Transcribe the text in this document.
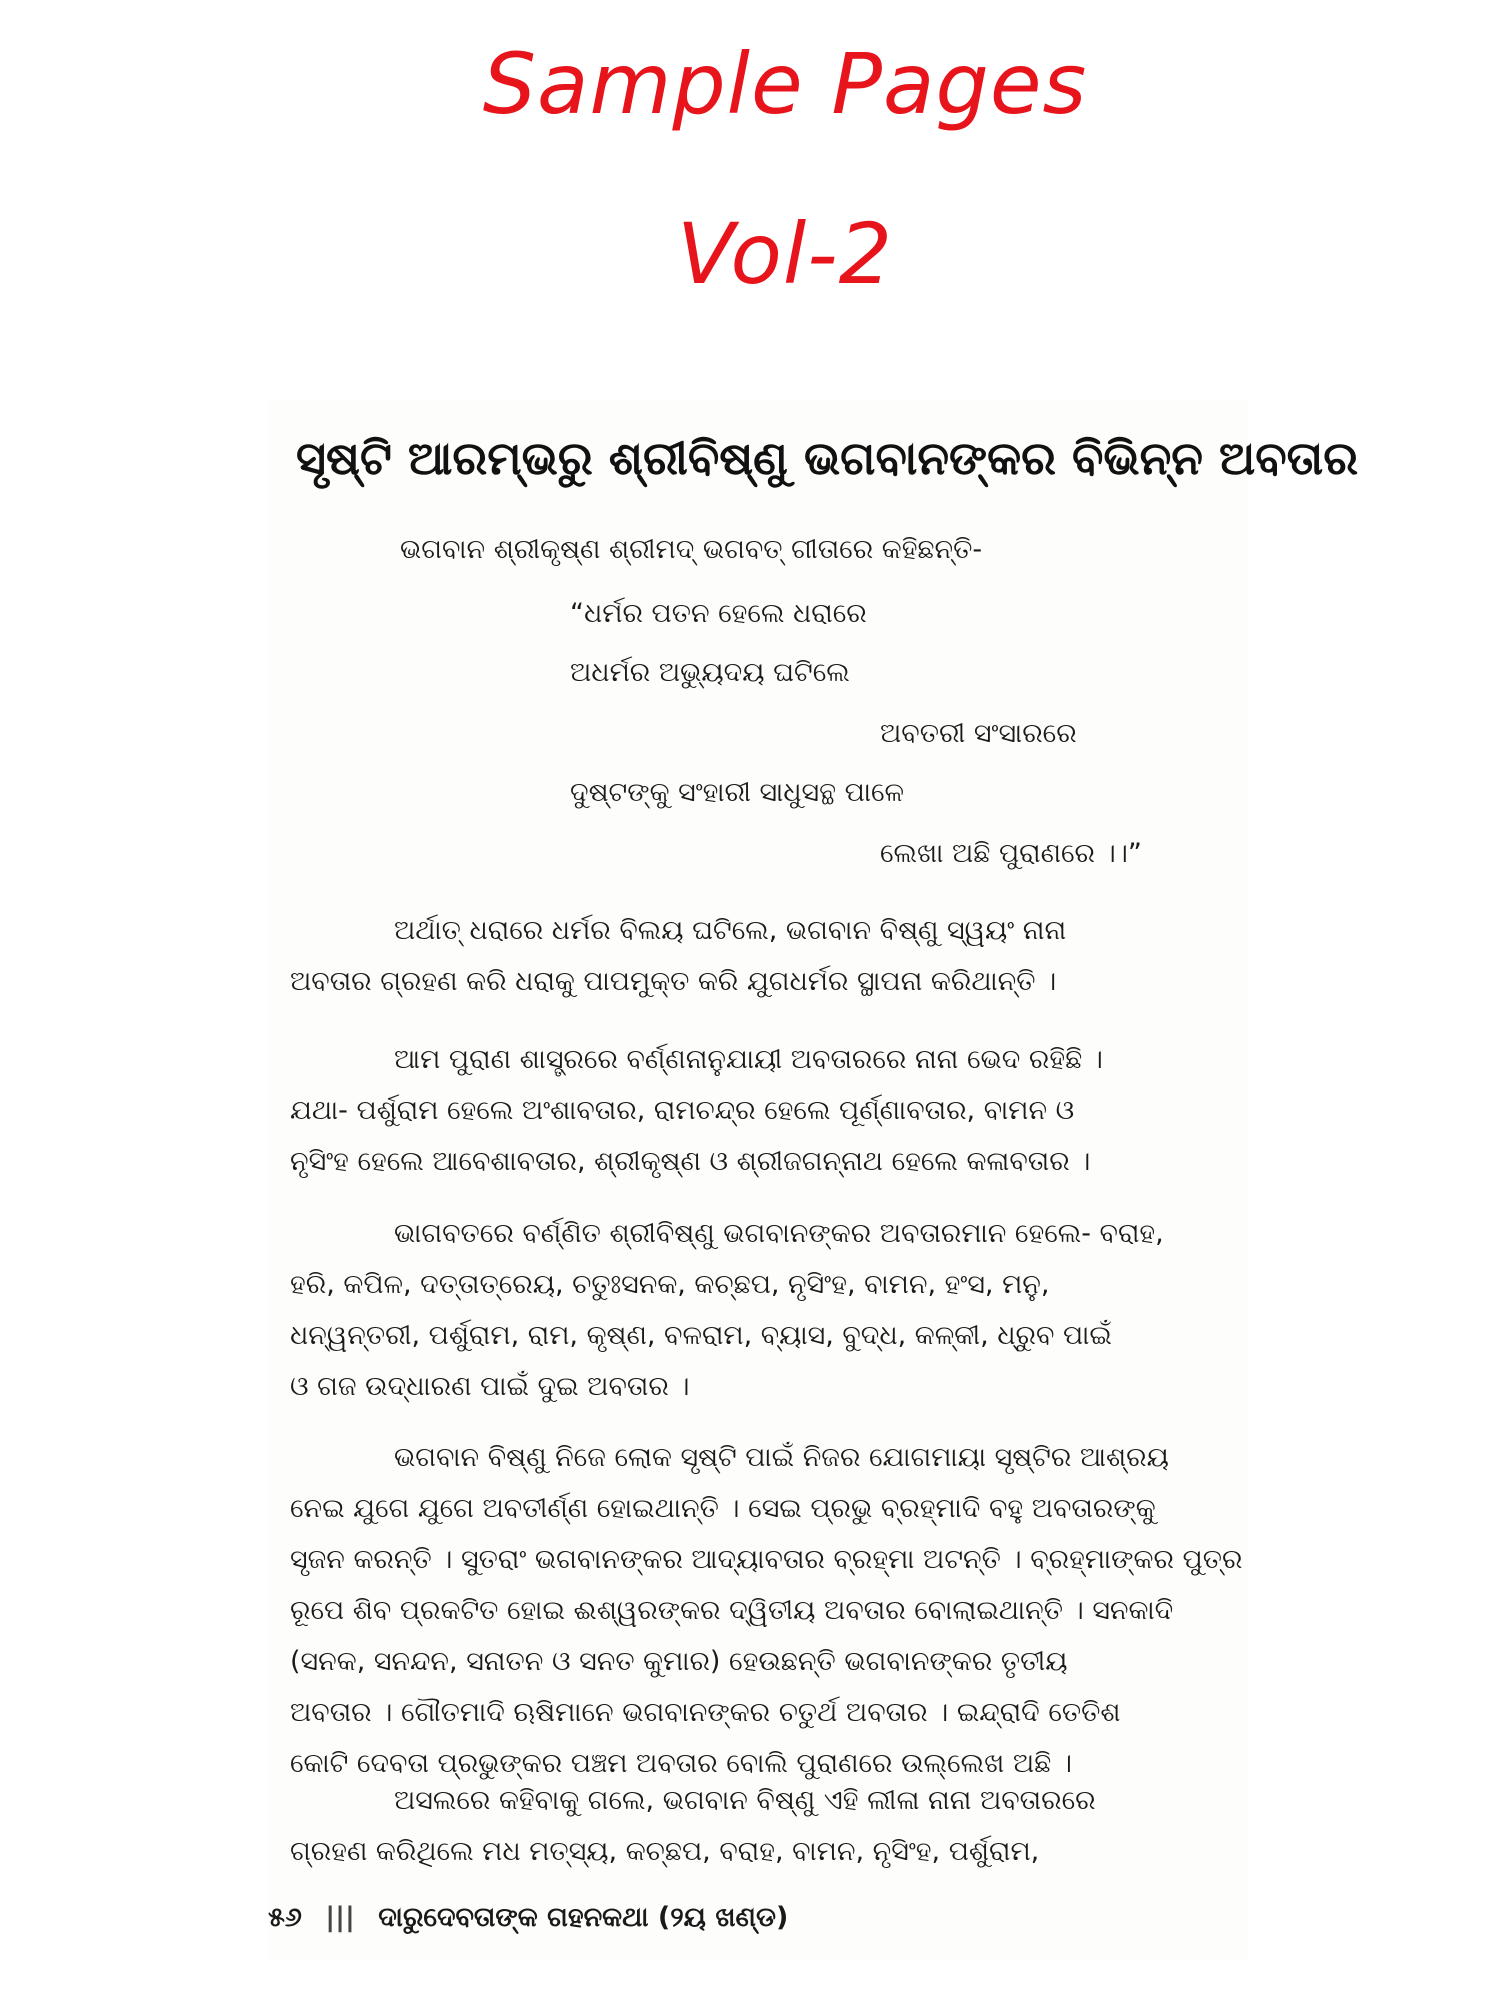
Sample Pages
Vol-2
ସୃଷ୍ଟି ଆରମ୍ଭରୁ ଶ୍ରୀବିଷ୍ଣୁ ଭଗବାନଙ୍କର ବିଭିନ୍ନ ଅବତାର
ଭଗବାନ ଶ୍ରୀକୃଷ୍ଣ ଶ୍ରୀମଦ୍ ଭଗବତ୍ ଗୀତାରେ କହିଛନ୍ତି-
“ଧର୍ମର ପତନ ହେଲେ ଧରାରେ
ଅଧର୍ମର ଅଭ୍ୟୁଦୟ ଘଟିଲେ
ଅବତରୀ ସଂସାରରେ
ଦୁଷ୍ଟଙ୍କୁ ସଂହାରୀ ସାଧୁସନ୍ଥ ପାଳେ
ଲେଖା ଅଛି ପୁରାଣରେ ।।”
ଅର୍ଥାତ୍ ଧରାରେ ଧର୍ମର ବିଲୟ ଘଟିଲେ, ଭଗବାନ ବିଷ୍ଣୁ ସ୍ୱୟଂ ନାନା
ଅବତାର ଗ୍ରହଣ କରି ଧରାକୁ ପାପମୁକ୍ତ କରି ଯୁଗଧର୍ମର ସ୍ଥାପନା କରିଥାନ୍ତି ।
ଆମ ପୁରାଣ ଶାସ୍ତ୍ରରେ ବର୍ଣ୍ଣନାନୁଯାୟୀ ଅବତାରରେ ନାନା ଭେଦ ରହିଛି ।
ଯଥା- ପର୍ଶୁରାମ ହେଲେ ଅଂଶାବତାର, ରାମଚନ୍ଦ୍ର ହେଲେ ପୂର୍ଣ୍ଣାବତାର, ବାମନ ଓ
ନୃସିଂହ ହେଲେ ଆବେଶାବତାର, ଶ୍ରୀକୃଷ୍ଣ ଓ ଶ୍ରୀଜଗନ୍ନାଥ ହେଲେ କଳାବତାର ।
ଭାଗବତରେ ବର୍ଣ୍ଣିତ ଶ୍ରୀବିଷ୍ଣୁ ଭଗବାନଙ୍କର ଅବତାରମାନ ହେଲେ- ବରାହ,
ହରି, କପିଳ, ଦତ୍ତାତ୍ରେୟ, ଚତୁଃସନକ, କଚ୍ଛପ, ନୃସିଂହ, ବାମନ, ହଂସ, ମନୁ,
ଧନ୍ୱନ୍ତରୀ, ପର୍ଶୁରାମ, ରାମ, କୃଷ୍ଣ, ବଳରାମ, ବ୍ୟାସ, ବୁଦ୍ଧ, କଳ୍କୀ, ଧ୍ରୁବ ପାଇଁ
ଓ ଗଜ ଉଦ୍ଧାରଣ ପାଇଁ ଦୁଇ ଅବତାର ।
ଭଗବାନ ବିଷ୍ଣୁ ନିଜେ ଲୋକ ସୃଷ୍ଟି ପାଇଁ ନିଜର ଯୋଗମାୟା ସୃଷ୍ଟିର ଆଶ୍ରୟ
ନେଇ ଯୁଗେ ଯୁଗେ ଅବତୀର୍ଣ୍ଣ ହୋଇଥାନ୍ତି । ସେଇ ପ୍ରଭୁ ବ୍ରହ୍ମାଦି ବହୁ ଅବତାରଙ୍କୁ
ସୃଜନ କରନ୍ତି । ସୁତରାଂ ଭଗବାନଙ୍କର ଆଦ୍ୟାବତାର ବ୍ରହ୍ମା ଅଟନ୍ତି । ବ୍ରହ୍ମାଙ୍କର ପୁତ୍ର
ରୂପେ ଶିବ ପ୍ରକଟିତ ହୋଇ ଈଶ୍ୱରଙ୍କର ଦ୍ୱିତୀୟ ଅବତାର ବୋଲାଇଥାନ୍ତି । ସନକାଦି
(ସନକ, ସନନ୍ଦନ, ସନାତନ ଓ ସନତ କୁମାର) ହେଉଛନ୍ତି ଭଗବାନଙ୍କର ତୃତୀୟ
ଅବତାର । ଗୌତମାଦି ଋଷିମାନେ ଭଗବାନଙ୍କର ଚତୁର୍ଥ ଅବତାର । ଇନ୍ଦ୍ରାଦି ତେତିଶ
କୋଟି ଦେବତା ପ୍ରଭୁଙ୍କର ପଞ୍ଚମ ଅବତାର ବୋଲି ପୁରାଣରେ ଉଲ୍ଲେଖ ଅଛି ।
ଅସଲରେ କହିବାକୁ ଗଲେ, ଭଗବାନ ବିଷ୍ଣୁ ଏହି ଲୀଳା ନାନା ଅବତାରରେ
ଗ୍ରହଣ କରିଥିଲେ ମଧ ମତ୍ସ୍ୟ, କଚ୍ଛପ, ବରାହ, ବାମନ, ନୃସିଂହ, ପର୍ଶୁରାମ,
୫୬ ||| ଦାରୁଦେବତାଙ୍କ ଗହନକଥା (୨ୟ ଖଣ୍ଡ)
